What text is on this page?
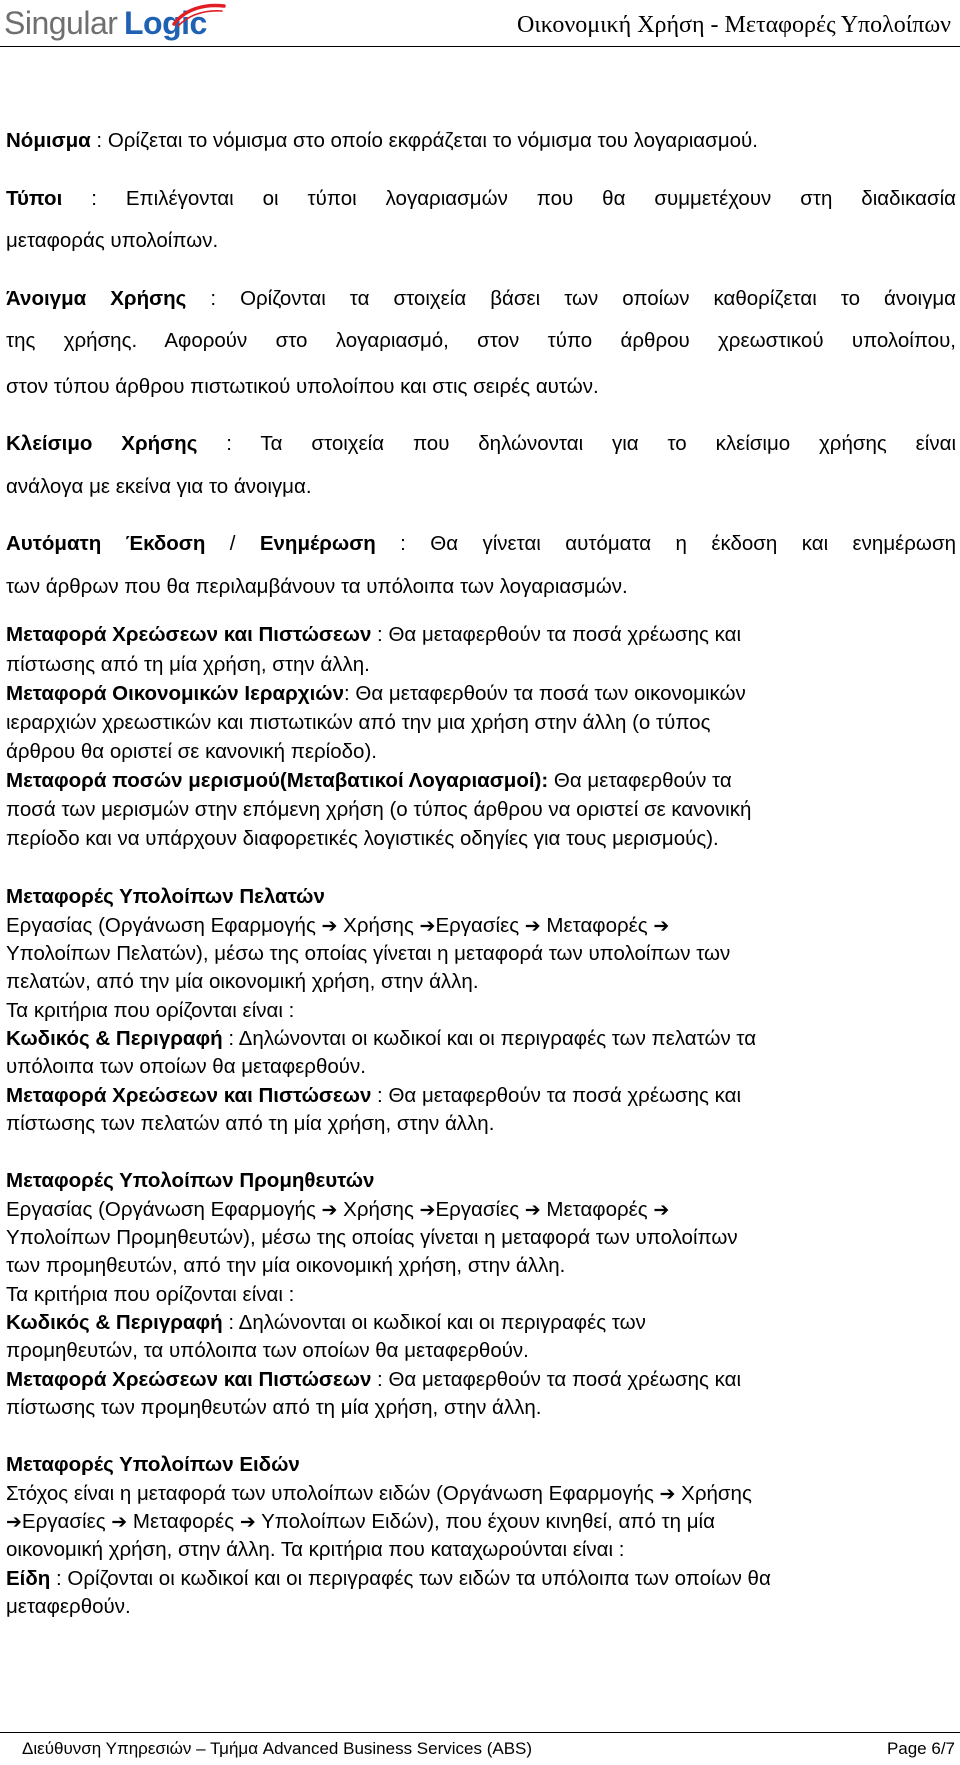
Singular Logic	Οικονομική Χρήση - Μεταφορές Υπολοίπων
Νόμισμα : Ορίζεται το νόμισμα στο οποίο εκφράζεται το νόμισμα του λογαριασμού.
Τύποι : Επιλέγονται οι τύποι λογαριασμών που θα συμμετέχουν στη διαδικασία
μεταφοράς υπολοίπων.
Άνοιγμα Χρήσης : Ορίζονται τα στοιχεία βάσει των οποίων καθορίζεται το άνοιγμα
της χρήσης. Αφορούν στο λογαριασμό, στον τύπο άρθρου χρεωστικού υπολοίπου,
στον τύπου άρθρου πιστωτικού υπολοίπου και στις σειρές αυτών.
Κλείσιμο Χρήσης : Τα στοιχεία που δηλώνονται για το κλείσιμο χρήσης είναι
ανάλογα με εκείνα για το άνοιγμα.
Αυτόματη Έκδοση / Ενημέρωση : Θα γίνεται αυτόματα η έκδοση και ενημέρωση
των άρθρων που θα περιλαμβάνουν τα υπόλοιπα των λογαριασμών.
Μεταφορά Χρεώσεων και Πιστώσεων : Θα μεταφερθούν τα ποσά χρέωσης και
πίστωσης από τη μία χρήση, στην άλλη.
Μεταφορά Οικονομικών Ιεραρχιών: Θα μεταφερθούν τα ποσά των οικονομικών
ιεραρχιών χρεωστικών και πιστωτικών από την μια χρήση στην άλλη (ο τύπος
άρθρου θα οριστεί σε κανονική περίοδο).
Μεταφορά ποσών μερισμού(Μεταβατικοί Λογαριασμοί): Θα μεταφερθούν τα
ποσά των μερισμών στην επόμενη χρήση (ο τύπος άρθρου να οριστεί σε κανονική
περίοδο και να υπάρχουν διαφορετικές λογιστικές οδηγίες για τους μερισμούς).
Μεταφορές Υπολοίπων Πελατών
Εργασίας (Οργάνωση Εφαρμογής ➔ Χρήσης ➔Εργασίες ➔ Μεταφορές ➔
Υπολοίπων Πελατών), μέσω της οποίας γίνεται η μεταφορά των υπολοίπων των
πελατών, από την μία οικονομική χρήση, στην άλλη.
Τα κριτήρια που ορίζονται είναι :
Κωδικός & Περιγραφή : Δηλώνονται οι κωδικοί και οι περιγραφές των πελατών τα
υπόλοιπα των οποίων θα μεταφερθούν.
Μεταφορά Χρεώσεων και Πιστώσεων : Θα μεταφερθούν τα ποσά χρέωσης και
πίστωσης των πελατών από τη μία χρήση, στην άλλη.
Μεταφορές Υπολοίπων Προμηθευτών
Εργασίας (Οργάνωση Εφαρμογής ➔ Χρήσης ➔Εργασίες ➔ Μεταφορές ➔
Υπολοίπων Προμηθευτών), μέσω της οποίας γίνεται η μεταφορά των υπολοίπων
των προμηθευτών, από την μία οικονομική χρήση, στην άλλη.
Τα κριτήρια που ορίζονται είναι :
Κωδικός & Περιγραφή : Δηλώνονται οι κωδικοί και οι περιγραφές των
προμηθευτών, τα υπόλοιπα των οποίων θα μεταφερθούν.
Μεταφορά Χρεώσεων και Πιστώσεων : Θα μεταφερθούν τα ποσά χρέωσης και
πίστωσης των προμηθευτών από τη μία χρήση, στην άλλη.
Μεταφορές Υπολοίπων Ειδών
Στόχος είναι η μεταφορά των υπολοίπων ειδών (Οργάνωση Εφαρμογής ➔ Χρήσης
➔Εργασίες ➔ Μεταφορές ➔ Υπολοίπων Ειδών), που έχουν κινηθεί, από τη μία
οικονομική χρήση, στην άλλη. Τα κριτήρια που καταχωρούνται είναι :
Είδη : Ορίζονται οι κωδικοί και οι περιγραφές των ειδών τα υπόλοιπα των οποίων θα
μεταφερθούν.
Διεύθυνση Υπηρεσιών – Τμήμα Advanced Business Services (ABS)	Page 6/7
